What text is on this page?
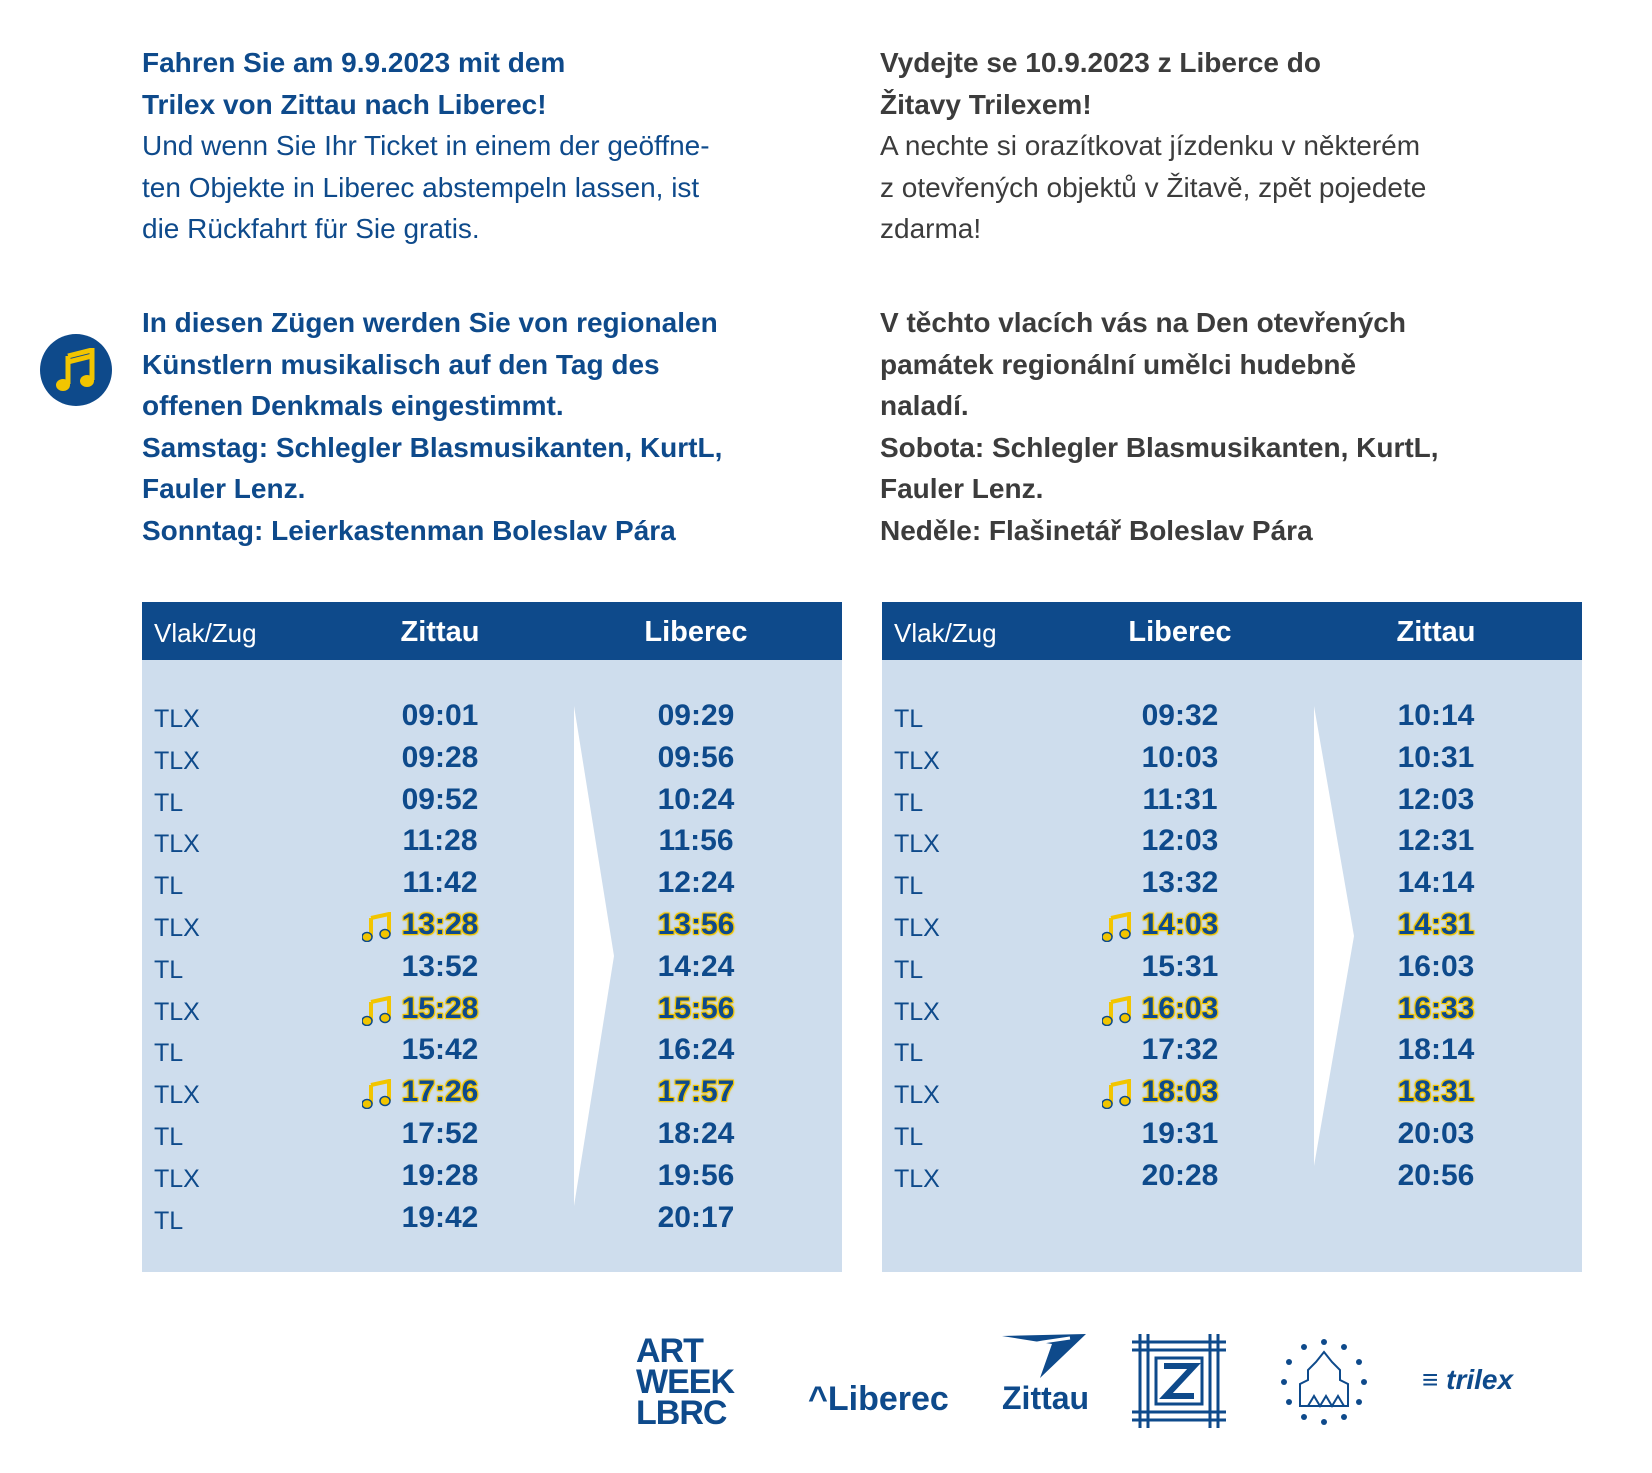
Fahren Sie am 9.9.2023 mit dem
Trilex von Zittau nach Liberec!
Und wenn Sie Ihr Ticket in einem der geöffne-
ten Objekte in Liberec abstempeln lassen, ist
die Rückfahrt für Sie gratis.
Vydejte se 10.9.2023 z Liberce do
Žitavy Trilexem!
A nechte si orazítkovat jízdenku v některém
z otevřených objektů v Žitavě, zpět pojedete
zdarma!
In diesen Zügen werden Sie von regionalen
Künstlern musikalisch auf den Tag des
offenen Denkmals eingestimmt.
Samstag: Schlegler Blasmusikanten, KurtL,
Fauler Lenz.
Sonntag: Leierkastenman Boleslav Pára
V těchto vlacích vás na Den otevřených
památek regionální umělci hudebně
naladí.
Sobota: Schlegler Blasmusikanten, KurtL,
Fauler Lenz.
Neděle: Flašinetář Boleslav Pára
Vlak/Zug	Zittau	Liberec
TLX	09:01	09:29
TLX	09:28	09:56
TL	09:52	10:24
TLX	11:28	11:56
TL	11:42	12:24
TLX	13:28	13:56
TL	13:52	14:24
TLX	15:28	15:56
TL	15:42	16:24
TLX	17:26	17:57
TL	17:52	18:24
TLX	19:28	19:56
TL	19:42	20:17
Vlak/Zug	Liberec	Zittau
TL	09:32	10:14
TLX	10:03	10:31
TL	11:31	12:03
TLX	12:03	12:31
TL	13:32	14:14
TLX	14:03	14:31
TL	15:31	16:03
TLX	16:03	16:33
TL	17:32	18:14
TLX	18:03	18:31
TL	19:31	20:03
TLX	20:28	20:56
ART
WEEK
LBRC ^Liberec Zittau
≡ trilex
